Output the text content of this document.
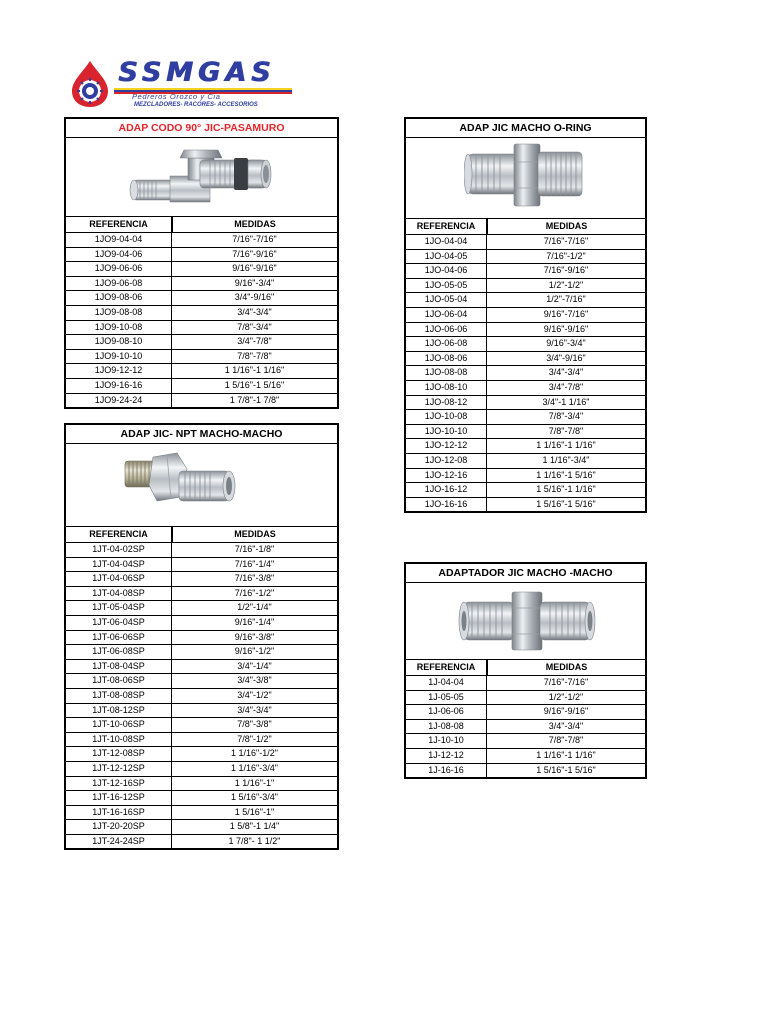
SSMGAS
Pedreros Orozco y Cia
MEZCLADORES- RACORES- ACCESORIOS
ADAP CODO 90° JIC-PASAMURO
REFERENCIA	MEDIDAS
1JO9-04-04	7/16"-7/16"
1JO9-04-06	7/16"-9/16"
1JO9-06-06	9/16"-9/16"
1JO9-06-08	9/16"-3/4"
1JO9-08-06	3/4"-9/16"
1JO9-08-08	3/4"-3/4"
1JO9-10-08	7/8"-3/4"
1JO9-08-10	3/4"-7/8"
1JO9-10-10	7/8"-7/8"
1JO9-12-12	1 1/16"-1 1/16"
1JO9-16-16	1 5/16"-1 5/16"
1JO9-24-24	1 7/8"-1 7/8"
ADAP JIC- NPT MACHO-MACHO
REFERENCIA	MEDIDAS
1JT-04-02SP	7/16"-1/8"
1JT-04-04SP	7/16"-1/4"
1JT-04-06SP	7/16"-3/8"
1JT-04-08SP	7/16"-1/2"
1JT-05-04SP	1/2"-1/4"
1JT-06-04SP	9/16"-1/4"
1JT-06-06SP	9/16"-3/8"
1JT-06-08SP	9/16"-1/2"
1JT-08-04SP	3/4"-1/4"
1JT-08-06SP	3/4"-3/8"
1JT-08-08SP	3/4"-1/2"
1JT-08-12SP	3/4"-3/4"
1JT-10-06SP	7/8"-3/8"
1JT-10-08SP	7/8"-1/2"
1JT-12-08SP	1 1/16"-1/2"
1JT-12-12SP	1 1/16"-3/4"
1JT-12-16SP	1 1/16"-1"
1JT-16-12SP	1 5/16"-3/4"
1JT-16-16SP	1 5/16"-1"
1JT-20-20SP	1 5/8"-1 1/4"
1JT-24-24SP	1 7/8"- 1 1/2"
ADAP JIC MACHO O-RING
REFERENCIA	MEDIDAS
1JO-04-04	7/16"-7/16"
1JO-04-05	7/16"-1/2"
1JO-04-06	7/16"-9/16"
1JO-05-05	1/2"-1/2"
1JO-05-04	1/2"-7/16"
1JO-06-04	9/16"-7/16"
1JO-06-06	9/16"-9/16"
1JO-06-08	9/16"-3/4"
1JO-08-06	3/4"-9/16"
1JO-08-08	3/4"-3/4"
1JO-08-10	3/4"-7/8"
1JO-08-12	3/4"-1 1/16"
1JO-10-08	7/8"-3/4"
1JO-10-10	7/8"-7/8"
1JO-12-12	1 1/16"-1 1/16"
1JO-12-08	1 1/16"-3/4"
1JO-12-16	1 1/16"-1 5/16"
1JO-16-12	1 5/16"-1 1/16"
1JO-16-16	1 5/16"-1 5/16"
ADAPTADOR JIC MACHO -MACHO
REFERENCIA	MEDIDAS
1J-04-04	7/16"-7/16"
1J-05-05	1/2"-1/2"
1J-06-06	9/16"-9/16"
1J-08-08	3/4"-3/4"
1J-10-10	7/8"-7/8"
1J-12-12	1 1/16"-1 1/16"
1J-16-16	1 5/16"-1 5/16"
